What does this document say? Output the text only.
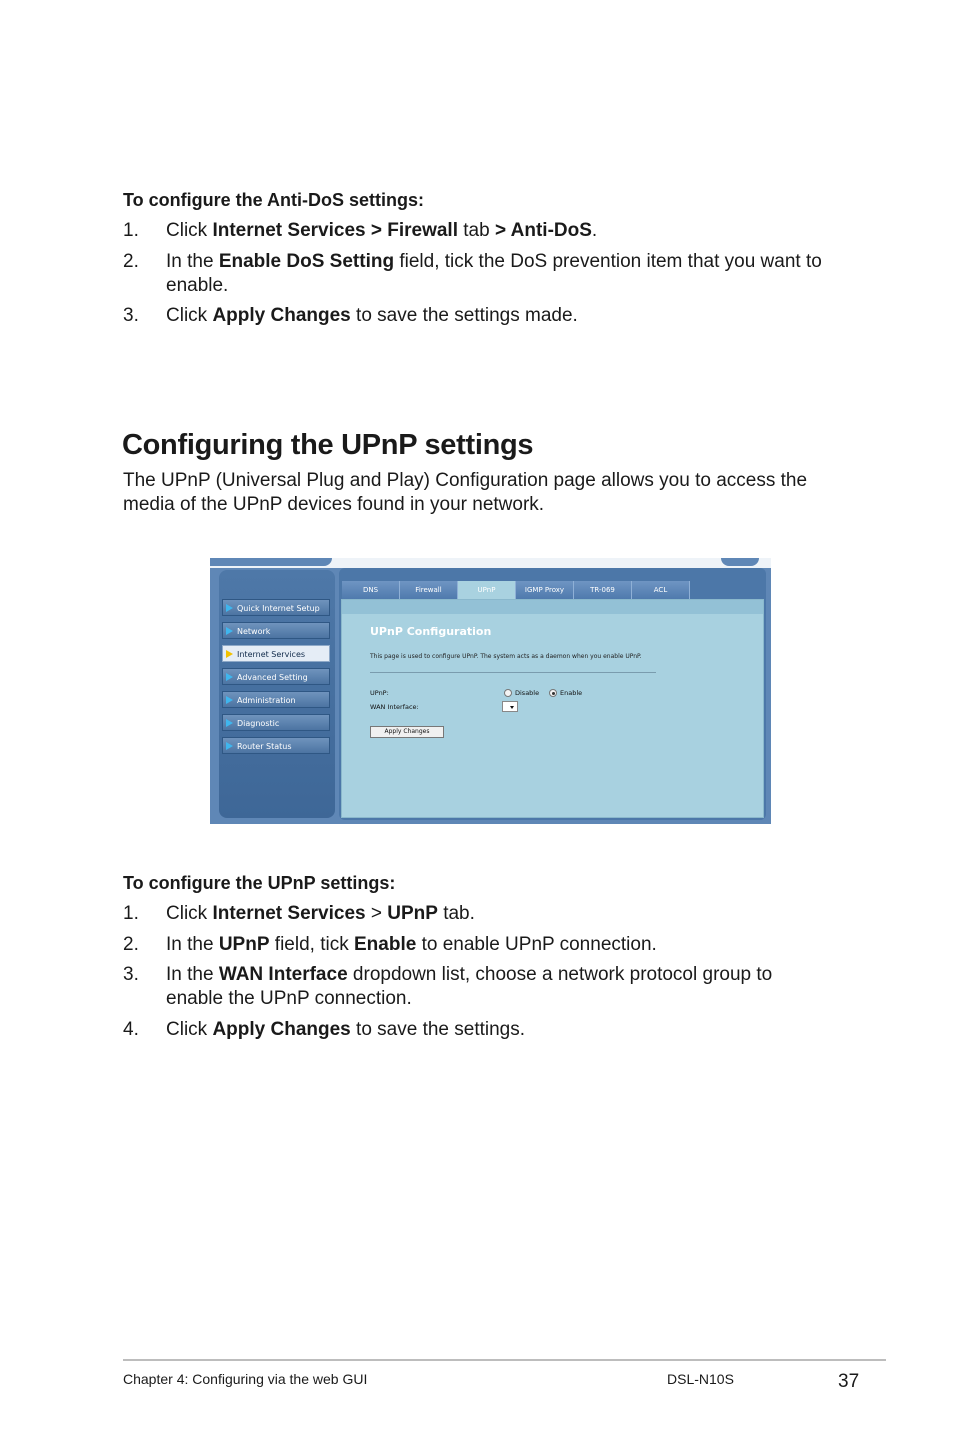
To configure the Anti-DoS settings:
1. Click Internet Services > Firewall tab > Anti-DoS.
2. In the Enable DoS Setting field, tick the DoS prevention item that you want to enable.
3. Click Apply Changes to save the settings made.
Configuring the UPnP settings
The UPnP (Universal Plug and Play) Configuration page allows you to access the media of the UPnP devices found in your network.
Quick Internet Setup
Network
Internet Services
Advanced Setting
Administration
Diagnostic
Router Status
DNS	Firewall	UPnP	IGMP Proxy	TR-069	ACL
UPnP Configuration
This page is used to configure UPnP. The system acts as a daemon when you enable UPnP.
UPnP:	Disable	Enable
WAN Interface:
Apply Changes
To configure the UPnP settings:
1. Click Internet Services > UPnP tab.
2. In the UPnP field, tick Enable to enable UPnP connection.
3. In the WAN Interface dropdown list, choose a network protocol group to enable the UPnP connection.
4. Click Apply Changes to save the settings.
Chapter 4: Configuring via the web GUI	DSL-N10S	37
